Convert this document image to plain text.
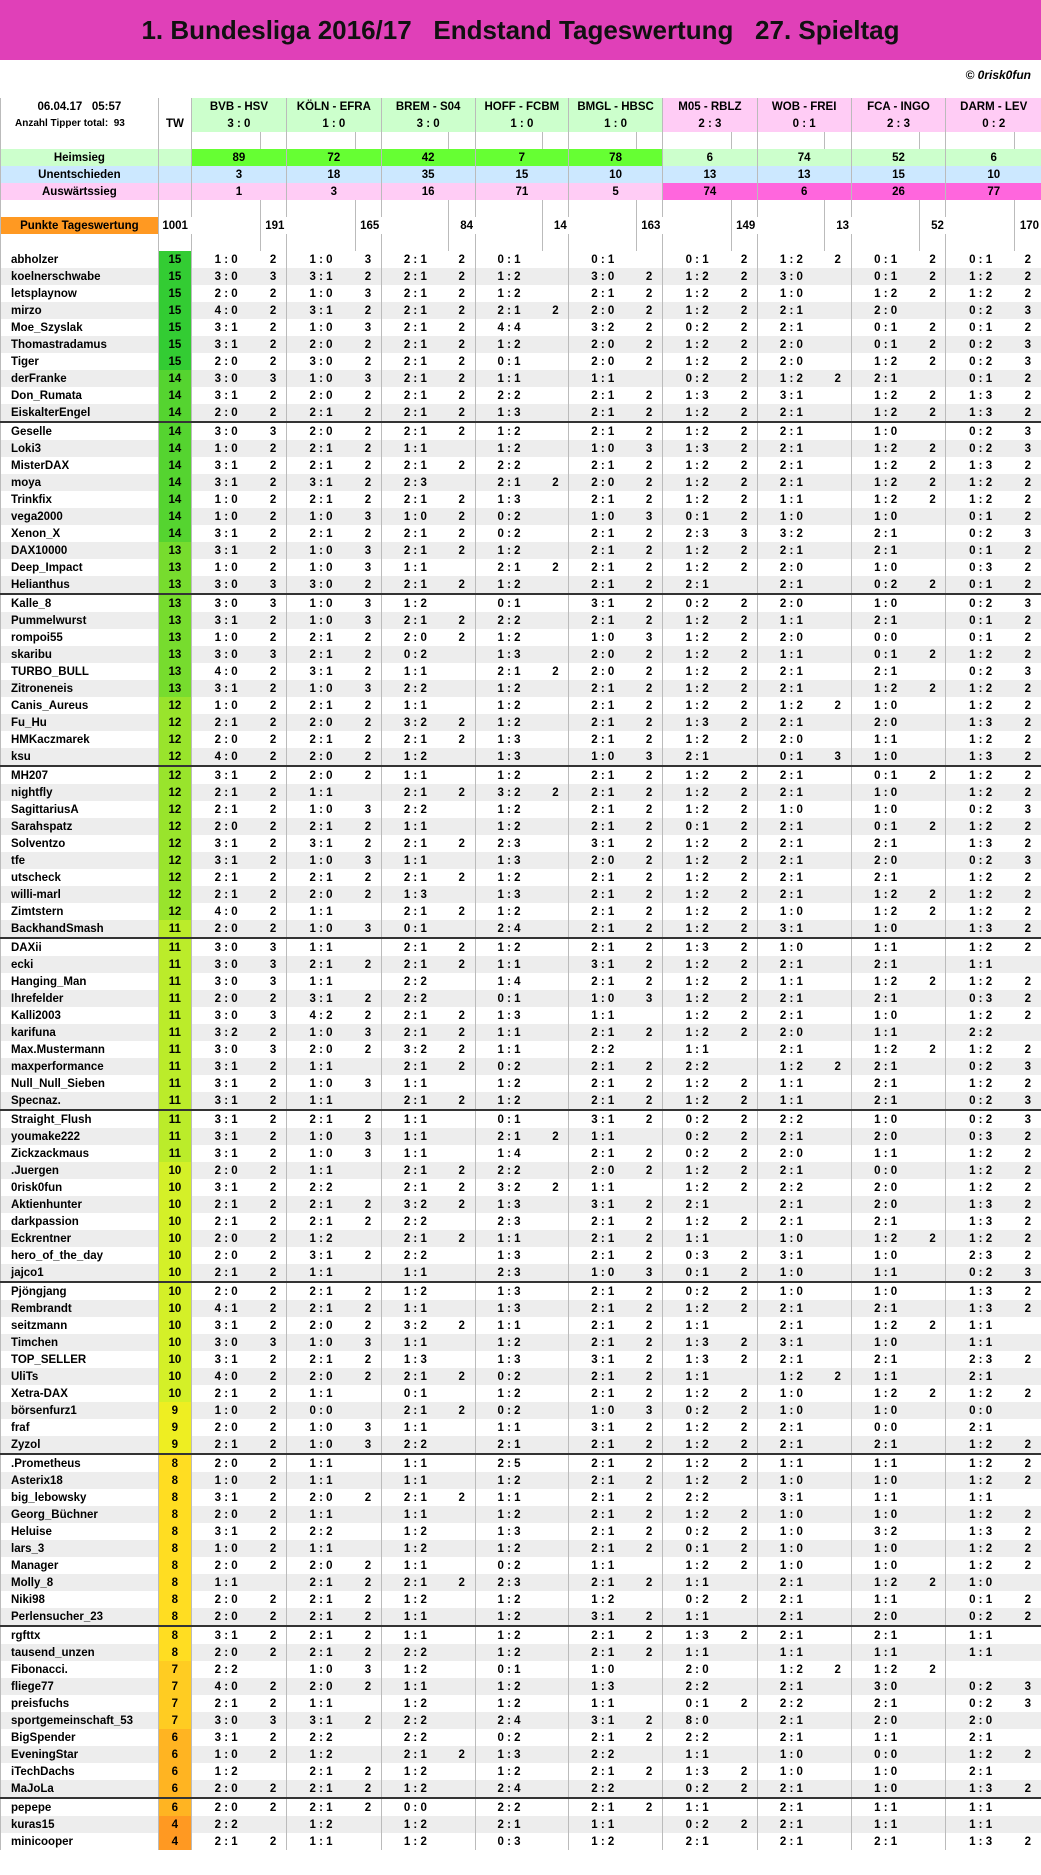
1. Bundesliga 2016/17   Endstand Tageswertung   27. Spieltag
© 0risk0fun
06.04.17 05:57		BVB - HSV		KÖLN - EFRA		BREM - S04		HOFF - FCBM		BMGL - HBSC		M05 - RBLZ		WOB - FREI		FCA - INGO		DARM - LEV	
Anzahl Tipper total: 93	TW	3 : 0		1 : 0		3 : 0		1 : 0		1 : 0		2 : 3		0 : 1		2 : 3		0 : 2	

Heimsieg		89		72		42		7		78		6		74		52		6	
Unentschieden		3		18		35		15		10		13		13		15		10	
Auswärtssieg		1		3		16		71		5		74		6		26		77	

Punkte Tageswertung	1001		191		165		84		14		163		149		13		52		170

abholzer	15	1 : 0	2	1 : 0	3	2 : 1	2	0 : 1		0 : 1		0 : 1	2	1 : 2	2	0 : 1	2	0 : 1	2
koelnerschwabe	15	3 : 0	3	3 : 1	2	2 : 1	2	1 : 2		3 : 0	2	1 : 2	2	3 : 0		0 : 1	2	1 : 2	2
letsplaynow	15	2 : 0	2	1 : 0	3	2 : 1	2	1 : 2		2 : 1	2	1 : 2	2	1 : 0		1 : 2	2	1 : 2	2
mirzo	15	4 : 0	2	3 : 1	2	2 : 1	2	2 : 1	2	2 : 0	2	1 : 2	2	2 : 1		2 : 0		0 : 2	3
Moe_Szyslak	15	3 : 1	2	1 : 0	3	2 : 1	2	4 : 4		3 : 2	2	0 : 2	2	2 : 1		0 : 1	2	0 : 1	2
Thomastradamus	15	3 : 1	2	2 : 0	2	2 : 1	2	1 : 2		2 : 0	2	1 : 2	2	2 : 0		0 : 1	2	0 : 2	3
Tiger	15	2 : 0	2	3 : 0	2	2 : 1	2	0 : 1		2 : 0	2	1 : 2	2	2 : 0		1 : 2	2	0 : 2	3
derFranke	14	3 : 0	3	1 : 0	3	2 : 1	2	1 : 1		1 : 1		0 : 2	2	1 : 2	2	2 : 1		0 : 1	2
Don_Rumata	14	3 : 1	2	2 : 0	2	2 : 1	2	2 : 2		2 : 1	2	1 : 3	2	3 : 1		1 : 2	2	1 : 3	2
EiskalterEngel	14	2 : 0	2	2 : 1	2	2 : 1	2	1 : 3		2 : 1	2	1 : 2	2	2 : 1		1 : 2	2	1 : 3	2
Geselle	14	3 : 0	3	2 : 0	2	2 : 1	2	1 : 2		2 : 1	2	1 : 2	2	2 : 1		1 : 0		0 : 2	3
Loki3	14	1 : 0	2	2 : 1	2	1 : 1		1 : 2		1 : 0	3	1 : 3	2	2 : 1		1 : 2	2	0 : 2	3
MisterDAX	14	3 : 1	2	2 : 1	2	2 : 1	2	2 : 2		2 : 1	2	1 : 2	2	2 : 1		1 : 2	2	1 : 3	2
moya	14	3 : 1	2	3 : 1	2	2 : 3		2 : 1	2	2 : 0	2	1 : 2	2	2 : 1		1 : 2	2	1 : 2	2
Trinkfix	14	1 : 0	2	2 : 1	2	2 : 1	2	1 : 3		2 : 1	2	1 : 2	2	1 : 1		1 : 2	2	1 : 2	2
vega2000	14	1 : 0	2	1 : 0	3	1 : 0	2	0 : 2		1 : 0	3	0 : 1	2	1 : 0		1 : 0		0 : 1	2
Xenon_X	14	3 : 1	2	2 : 1	2	2 : 1	2	0 : 2		2 : 1	2	2 : 3	3	3 : 2		2 : 1		0 : 2	3
DAX10000	13	3 : 1	2	1 : 0	3	2 : 1	2	1 : 2		2 : 1	2	1 : 2	2	2 : 1		2 : 1		0 : 1	2
Deep_Impact	13	1 : 0	2	1 : 0	3	1 : 1		2 : 1	2	2 : 1	2	1 : 2	2	2 : 0		1 : 0		0 : 3	2
Helianthus	13	3 : 0	3	3 : 0	2	2 : 1	2	1 : 2		2 : 1	2	2 : 1		2 : 1		0 : 2	2	0 : 1	2
Kalle_8	13	3 : 0	3	1 : 0	3	1 : 2		0 : 1		3 : 1	2	0 : 2	2	2 : 0		1 : 0		0 : 2	3
Pummelwurst	13	3 : 1	2	1 : 0	3	2 : 1	2	2 : 2		2 : 1	2	1 : 2	2	1 : 1		2 : 1		0 : 1	2
rompoi55	13	1 : 0	2	2 : 1	2	2 : 0	2	1 : 2		1 : 0	3	1 : 2	2	2 : 0		0 : 0		0 : 1	2
skaribu	13	3 : 0	3	2 : 1	2	0 : 2		1 : 3		2 : 0	2	1 : 2	2	1 : 1		0 : 1	2	1 : 2	2
TURBO_BULL	13	4 : 0	2	3 : 1	2	1 : 1		2 : 1	2	2 : 0	2	1 : 2	2	2 : 1		2 : 1		0 : 2	3
Zitroneneis	13	3 : 1	2	1 : 0	3	2 : 2		1 : 2		2 : 1	2	1 : 2	2	2 : 1		1 : 2	2	1 : 2	2
Canis_Aureus	12	1 : 0	2	2 : 1	2	1 : 1		1 : 2		2 : 1	2	1 : 2	2	1 : 2	2	1 : 0		1 : 2	2
Fu_Hu	12	2 : 1	2	2 : 0	2	3 : 2	2	1 : 2		2 : 1	2	1 : 3	2	2 : 1		2 : 0		1 : 3	2
HMKaczmarek	12	2 : 0	2	2 : 1	2	2 : 1	2	1 : 3		2 : 1	2	1 : 2	2	2 : 0		1 : 1		1 : 2	2
ksu	12	4 : 0	2	2 : 0	2	1 : 2		1 : 3		1 : 0	3	2 : 1		0 : 1	3	1 : 0		1 : 3	2
MH207	12	3 : 1	2	2 : 0	2	1 : 1		1 : 2		2 : 1	2	1 : 2	2	2 : 1		0 : 1	2	1 : 2	2
nightfly	12	2 : 1	2	1 : 1		2 : 1	2	3 : 2	2	2 : 1	2	1 : 2	2	2 : 1		1 : 0		1 : 2	2
SagittariusA	12	2 : 1	2	1 : 0	3	2 : 2		1 : 2		2 : 1	2	1 : 2	2	1 : 0		1 : 0		0 : 2	3
Sarahspatz	12	2 : 0	2	2 : 1	2	1 : 1		1 : 2		2 : 1	2	0 : 1	2	2 : 1		0 : 1	2	1 : 2	2
Solventzo	12	3 : 1	2	3 : 1	2	2 : 1	2	2 : 3		3 : 1	2	1 : 2	2	2 : 1		2 : 1		1 : 3	2
tfe	12	3 : 1	2	1 : 0	3	1 : 1		1 : 3		2 : 0	2	1 : 2	2	2 : 1		2 : 0		0 : 2	3
utscheck	12	2 : 1	2	2 : 1	2	2 : 1	2	1 : 2		2 : 1	2	1 : 2	2	2 : 1		2 : 1		1 : 2	2
willi-marl	12	2 : 1	2	2 : 0	2	1 : 3		1 : 3		2 : 1	2	1 : 2	2	2 : 1		1 : 2	2	1 : 2	2
Zimtstern	12	4 : 0	2	1 : 1		2 : 1	2	1 : 2		2 : 1	2	1 : 2	2	1 : 0		1 : 2	2	1 : 2	2
BackhandSmash	11	2 : 0	2	1 : 0	3	0 : 1		2 : 4		2 : 1	2	1 : 2	2	3 : 1		1 : 0		1 : 3	2
DAXii	11	3 : 0	3	1 : 1		2 : 1	2	1 : 2		2 : 1	2	1 : 3	2	1 : 0		1 : 1		1 : 2	2
ecki	11	3 : 0	3	2 : 1	2	2 : 1	2	1 : 1		3 : 1	2	1 : 2	2	2 : 1		2 : 1		1 : 1	
Hanging_Man	11	3 : 0	3	1 : 1		2 : 2		1 : 4		2 : 1	2	1 : 2	2	1 : 1		1 : 2	2	1 : 2	2
Ihrefelder	11	2 : 0	2	3 : 1	2	2 : 2		0 : 1		1 : 0	3	1 : 2	2	2 : 1		2 : 1		0 : 3	2
Kalli2003	11	3 : 0	3	4 : 2	2	2 : 1	2	1 : 3		1 : 1		1 : 2	2	2 : 1		1 : 0		1 : 2	2
karifuna	11	3 : 2	2	1 : 0	3	2 : 1	2	1 : 1		2 : 1	2	1 : 2	2	2 : 0		1 : 1		2 : 2	
Max.Mustermann	11	3 : 0	3	2 : 0	2	3 : 2	2	1 : 1		2 : 2		1 : 1		2 : 1		1 : 2	2	1 : 2	2
maxperformance	11	3 : 1	2	1 : 1		2 : 1	2	0 : 2		2 : 1	2	2 : 2		1 : 2	2	2 : 1		0 : 2	3
Null_Null_Sieben	11	3 : 1	2	1 : 0	3	1 : 1		1 : 2		2 : 1	2	1 : 2	2	1 : 1		2 : 1		1 : 2	2
Specnaz.	11	3 : 1	2	1 : 1		2 : 1	2	1 : 2		2 : 1	2	1 : 2	2	1 : 1		2 : 1		0 : 2	3
Straight_Flush	11	3 : 1	2	2 : 1	2	1 : 1		0 : 1		3 : 1	2	0 : 2	2	2 : 2		1 : 0		0 : 2	3
youmake222	11	3 : 1	2	1 : 0	3	1 : 1		2 : 1	2	1 : 1		0 : 2	2	2 : 1		2 : 0		0 : 3	2
Zickzackmaus	11	3 : 1	2	1 : 0	3	1 : 1		1 : 4		2 : 1	2	0 : 2	2	2 : 0		1 : 1		1 : 2	2
.Juergen	10	2 : 0	2	1 : 1		2 : 1	2	2 : 2		2 : 0	2	1 : 2	2	2 : 1		0 : 0		1 : 2	2
0risk0fun	10	3 : 1	2	2 : 2		2 : 1	2	3 : 2	2	1 : 1		1 : 2	2	2 : 2		2 : 0		1 : 2	2
Aktienhunter	10	2 : 1	2	2 : 1	2	3 : 2	2	1 : 3		3 : 1	2	2 : 1		2 : 1		2 : 0		1 : 3	2
darkpassion	10	2 : 1	2	2 : 1	2	2 : 2		2 : 3		2 : 1	2	1 : 2	2	2 : 1		2 : 1		1 : 3	2
Eckrentner	10	2 : 0	2	1 : 2		2 : 1	2	1 : 1		2 : 1	2	1 : 1		1 : 0		1 : 2	2	1 : 2	2
hero_of_the_day	10	2 : 0	2	3 : 1	2	2 : 2		1 : 3		2 : 1	2	0 : 3	2	3 : 1		1 : 0		2 : 3	2
jajco1	10	2 : 1	2	1 : 1		1 : 1		2 : 3		1 : 0	3	0 : 1	2	1 : 0		1 : 1		0 : 2	3
Pjöngjang	10	2 : 0	2	2 : 1	2	1 : 2		1 : 3		2 : 1	2	0 : 2	2	1 : 0		1 : 0		1 : 3	2
Rembrandt	10	4 : 1	2	2 : 1	2	1 : 1		1 : 3		2 : 1	2	1 : 2	2	2 : 1		2 : 1		1 : 3	2
seitzmann	10	3 : 1	2	2 : 0	2	3 : 2	2	1 : 1		2 : 1	2	1 : 1		2 : 1		1 : 2	2	1 : 1	
Timchen	10	3 : 0	3	1 : 0	3	1 : 1		1 : 2		2 : 1	2	1 : 3	2	3 : 1		1 : 0		1 : 1	
TOP_SELLER	10	3 : 1	2	2 : 1	2	1 : 3		1 : 3		3 : 1	2	1 : 3	2	2 : 1		2 : 1		2 : 3	2
UliTs	10	4 : 0	2	2 : 0	2	2 : 1	2	0 : 2		2 : 1	2	1 : 1		1 : 2	2	1 : 1		2 : 1	
Xetra-DAX	10	2 : 1	2	1 : 1		0 : 1		1 : 2		2 : 1	2	1 : 2	2	1 : 0		1 : 2	2	1 : 2	2
börsenfurz1	9	1 : 0	2	0 : 0		2 : 1	2	0 : 2		1 : 0	3	0 : 2	2	1 : 0		1 : 0		0 : 0	
fraf	9	2 : 0	2	1 : 0	3	1 : 1		1 : 1		3 : 1	2	1 : 2	2	2 : 1		0 : 0		2 : 1	
Zyzol	9	2 : 1	2	1 : 0	3	2 : 2		2 : 1		2 : 1	2	1 : 2	2	2 : 1		2 : 1		1 : 2	2
.Prometheus	8	2 : 0	2	1 : 1		1 : 1		2 : 5		2 : 1	2	1 : 2	2	1 : 1		1 : 1		1 : 2	2
Asterix18	8	1 : 0	2	1 : 1		1 : 1		1 : 2		2 : 1	2	1 : 2	2	1 : 0		1 : 0		1 : 2	2
big_lebowsky	8	3 : 1	2	2 : 0	2	2 : 1	2	1 : 1		2 : 1	2	2 : 2		3 : 1		1 : 1		1 : 1	
Georg_Büchner	8	2 : 0	2	1 : 1		1 : 1		1 : 2		2 : 1	2	1 : 2	2	1 : 0		1 : 0		1 : 2	2
Heluise	8	3 : 1	2	2 : 2		1 : 2		1 : 3		2 : 1	2	0 : 2	2	1 : 0		3 : 2		1 : 3	2
lars_3	8	1 : 0	2	1 : 1		1 : 2		1 : 2		2 : 1	2	0 : 1	2	1 : 0		1 : 0		1 : 2	2
Manager	8	2 : 0	2	2 : 0	2	1 : 1		0 : 2		1 : 1		1 : 2	2	1 : 0		1 : 0		1 : 2	2
Molly_8	8	1 : 1		2 : 1	2	2 : 1	2	2 : 3		2 : 1	2	1 : 1		2 : 1		1 : 2	2	1 : 0	
Niki98	8	2 : 0	2	2 : 1	2	1 : 2		1 : 2		1 : 2		0 : 2	2	2 : 1		1 : 1		0 : 1	2
Perlensucher_23	8	2 : 0	2	2 : 1	2	1 : 1		1 : 2		3 : 1	2	1 : 1		2 : 1		2 : 0		0 : 2	2
rgfttx	8	3 : 1	2	2 : 1	2	1 : 1		1 : 2		2 : 1	2	1 : 3	2	2 : 1		2 : 1		1 : 1	
tausend_unzen	8	2 : 0	2	2 : 1	2	2 : 2		1 : 2		2 : 1	2	1 : 1		1 : 1		1 : 1		1 : 1	
Fibonacci.	7	2 : 2		1 : 0	3	1 : 2		0 : 1		1 : 0		2 : 0		1 : 2	2	1 : 2	2		
fliege77	7	4 : 0	2	2 : 0	2	1 : 1		1 : 2		1 : 3		2 : 2		2 : 1		3 : 0		0 : 2	3
preisfuchs	7	2 : 1	2	1 : 1		1 : 2		1 : 2		1 : 1		0 : 1	2	2 : 2		2 : 1		0 : 2	3
sportgemeinschaft_53	7	3 : 0	3	3 : 1	2	2 : 2		2 : 4		3 : 1	2	8 : 0		2 : 1		2 : 0		2 : 0	
BigSpender	6	3 : 1	2	2 : 2		2 : 2		0 : 2		2 : 1	2	2 : 2		2 : 1		1 : 1		2 : 1	
EveningStar	6	1 : 0	2	1 : 2		2 : 1	2	1 : 3		2 : 2		1 : 1		1 : 0		0 : 0		1 : 2	2
iTechDachs	6	1 : 2		2 : 1	2	1 : 2		1 : 2		2 : 1	2	1 : 3	2	1 : 0		1 : 0		2 : 1	
MaJoLa	6	2 : 0	2	2 : 1	2	1 : 2		2 : 4		2 : 2		0 : 2	2	2 : 1		1 : 0		1 : 3	2
pepepe	6	2 : 0	2	2 : 1	2	0 : 0		2 : 2		2 : 1	2	1 : 1		2 : 1		1 : 1		1 : 1	
kuras15	4	2 : 2		1 : 2		1 : 2		2 : 1		1 : 1		0 : 2	2	2 : 1		1 : 1		1 : 1	
minicooper	4	2 : 1	2	1 : 1		1 : 2		0 : 3		1 : 2		2 : 1		2 : 1		2 : 1		1 : 3	2
